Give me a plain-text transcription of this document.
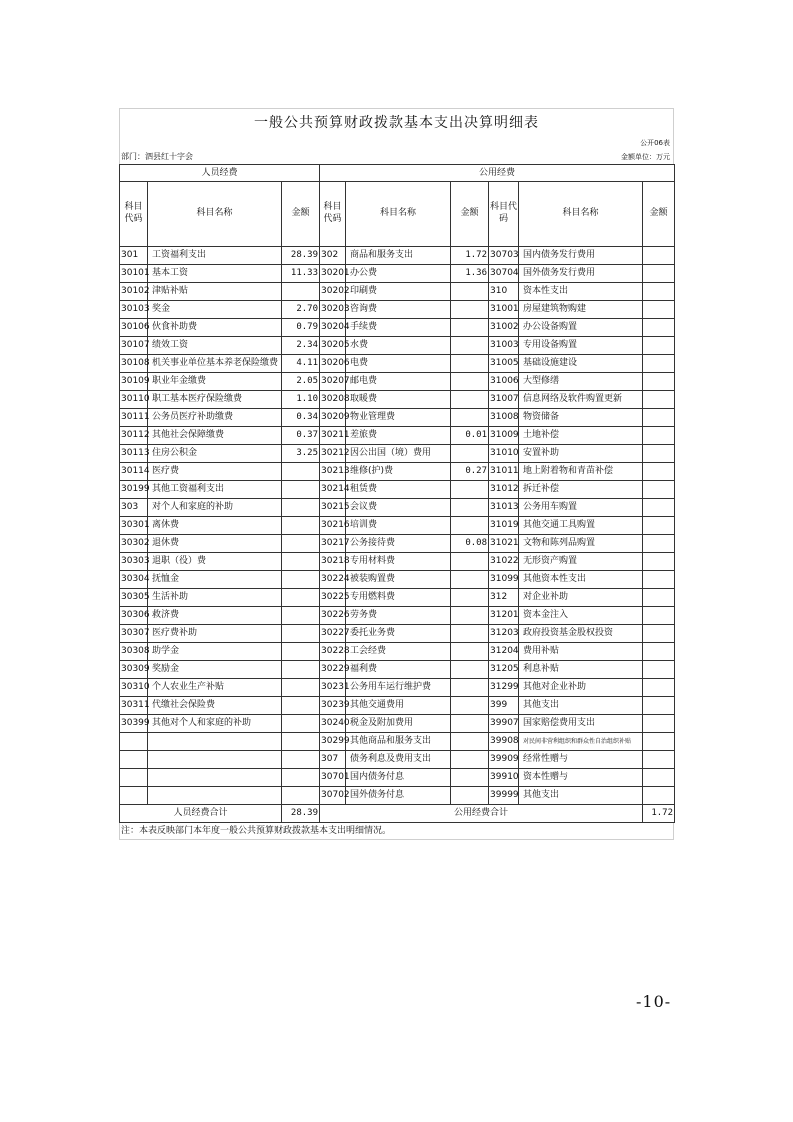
一般公共预算财政拨款基本支出决算明细表
公开06表
部门：泗县红十字会	金额单位：万元
人员经费			公用经费					
科目代码	科目名称	金额	科目代码	科目名称	金额	科目代码	科目名称	金额
301	工资福利支出	28.39	302	商品和服务支出	1.72	30703	国内债务发行费用	
30101	基本工资	11.33	30201	办公费	1.36	30704	国外债务发行费用	
30102	津贴补贴		30202	印刷费		310	资本性支出	
30103	奖金	2.70	30203	咨询费		31001	房屋建筑物购建	
30106	伙食补助费	0.79	30204	手续费		31002	办公设备购置	
30107	绩效工资	2.34	30205	水费		31003	专用设备购置	
30108	机关事业单位基本养老保险缴费	4.11	30206	电费		31005	基础设施建设	
30109	职业年金缴费	2.05	30207	邮电费		31006	大型修缮	
30110	职工基本医疗保险缴费	1.10	30208	取暖费		31007	信息网络及软件购置更新	
30111	公务员医疗补助缴费	0.34	30209	物业管理费		31008	物资储备	
30112	其他社会保障缴费	0.37	30211	差旅费	0.01	31009	土地补偿	
30113	住房公积金	3.25	30212	因公出国（境）费用		31010	安置补助	
30114	医疗费		30213	维修(护)费	0.27	31011	地上附着物和青苗补偿	
30199	其他工资福利支出		30214	租赁费		31012	拆迁补偿	
303	对个人和家庭的补助		30215	会议费		31013	公务用车购置	
30301	离休费		30216	培训费		31019	其他交通工具购置	
30302	退休费		30217	公务接待费	0.08	31021	文物和陈列品购置	
30303	退职（役）费		30218	专用材料费		31022	无形资产购置	
30304	抚恤金		30224	被装购置费		31099	其他资本性支出	
30305	生活补助		30225	专用燃料费		312	对企业补助	
30306	救济费		30226	劳务费		31201	资本金注入	
30307	医疗费补助		30227	委托业务费		31203	政府投资基金股权投资	
30308	助学金		30228	工会经费		31204	费用补贴	
30309	奖励金		30229	福利费		31205	利息补贴	
30310	个人农业生产补贴		30231	公务用车运行维护费		31299	其他对企业补助	
30311	代缴社会保险费		30239	其他交通费用		399	其他支出	
30399	其他对个人和家庭的补助		30240	税金及附加费用		39907	国家赔偿费用支出	
			30299	其他商品和服务支出		39908	对民间非营利组织和群众性自治组织补贴	
			307	债务利息及费用支出		39909	经常性赠与	
			30701	国内债务付息		39910	资本性赠与	
			30702	国外债务付息		39999	其他支出	
人员经费合计		28.39	公用经费合计					1.72
注：本表反映部门本年度一般公共预算财政拨款基本支出明细情况。
-10-
